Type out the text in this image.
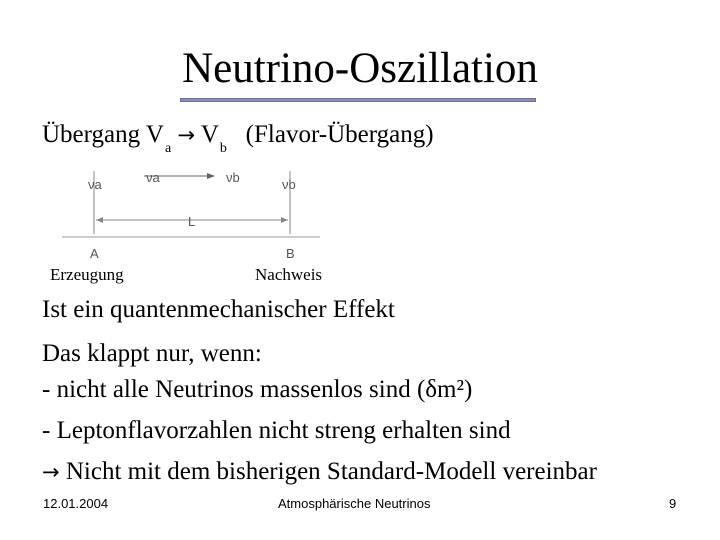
Neutrino-Oszillation
Übergang $V_a \to V_b$   (Flavor-Übergang)
νa	νa	νb	νb
L
A	B
Erzeugung	Nachweis
Ist ein quantenmechanischer Effekt
Das klappt nur, wenn:
- nicht alle Neutrinos massenlos sind (δm²)
- Leptonflavorzahlen nicht streng erhalten sind
→ Nicht mit dem bisherigen Standard-Modell vereinbar
12.01.2004	Atmosphärische Neutrinos	9
